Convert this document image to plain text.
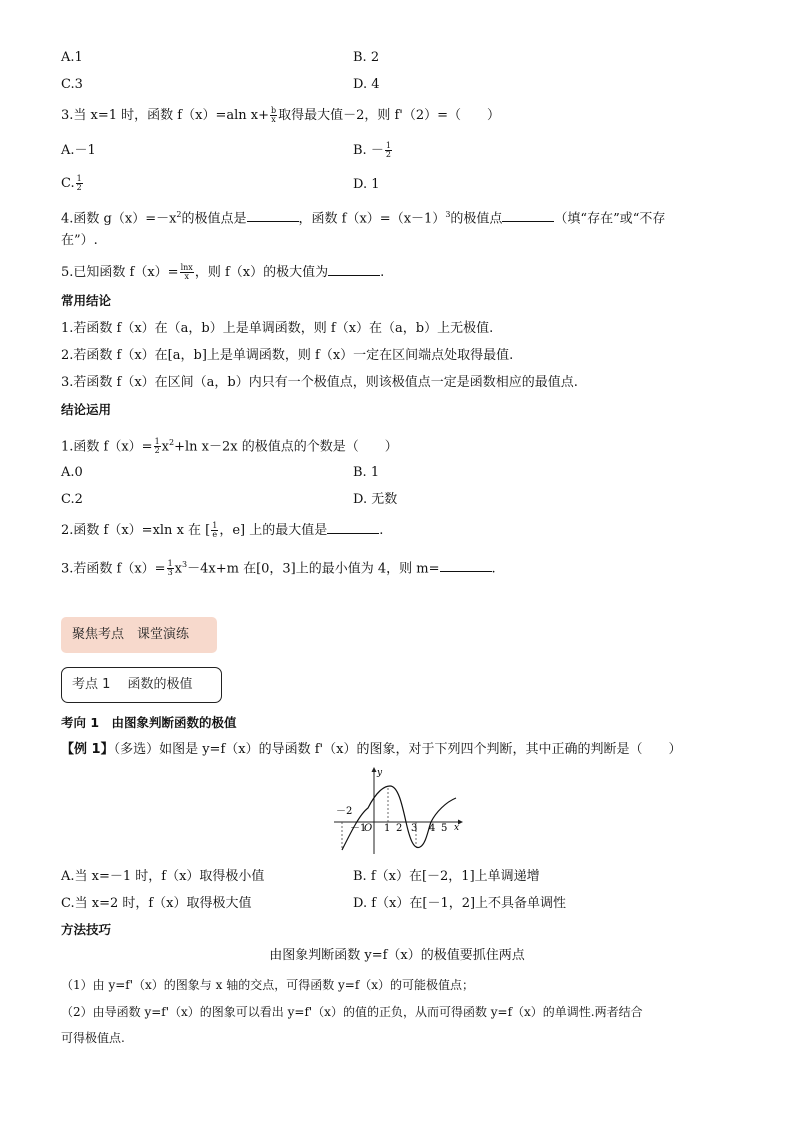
A.1	B. 2
C.3	D. 4
3.当 x=1 时，函数 f（x）=aln $x+ \frac{b}{x}$ 取得最大值－2，则 f'（2）=（　　）
A.－1	B. － $\frac{1}{2}$
C. $\frac{1}{2}$	D. 1
4.函数 $g(x)=-x^2$的极值点是	，函数 $f(x)=(x-1)^3$的极值点	（填“存在”或“不存
在”）.
5.已知函数 $f(x)= \frac{\ln x}{x}$ ，则 f（x）的极大值为	.
常用结论
1.若函数 f（x）在（a，b）上是单调函数，则 f（x）在（a，b）上无极值.
2.若函数 f（x）在[a，b]上是单调函数，则 f（x）一定在区间端点处取得最值.
3.若函数 f（x）在区间（a，b）内只有一个极值点，则该极值点一定是函数相应的最值点.
结论运用
1.函数 $f(x)= \frac{1}{2} x^2+\ln$ x－2x 的极值点的个数是（　　）
A.0	B. 1
C.2	D. 无数
2.函数 f（x）=xln x 在 [ $\frac{1}{e}$ ，e] 上的最大值是	.
3.若函数 $f(x)= \frac{1}{3} x^3-4x+m$ 在[0，3]上的最小值为 4，则 m=	.
聚焦考点　课堂演练
考点 1　 函数的极值
考向 1　由图象判断函数的极值
【例 1】（多选）如图是 y=f（x）的导函数 f'（x）的图象，对于下列四个判断，其中正确的判断是（　　）
y
x
－2
－1
O 1 2 3 4 5
A.当 x=－1 时，f（x）取得极小值	B. f（x）在[－2，1]上单调递增
C.当 x=2 时，f（x）取得极大值	D. f（x）在[－1，2]上不具备单调性
方法技巧
由图象判断函数 y=f（x）的极值要抓住两点
（1）由 y=f'（x）的图象与 x 轴的交点，可得函数 y=f（x）的可能极值点；
（2）由导函数 y=f'（x）的图象可以看出 y=f'（x）的值的正负，从而可得函数 y=f（x）的单调性.两者结合
可得极值点.
